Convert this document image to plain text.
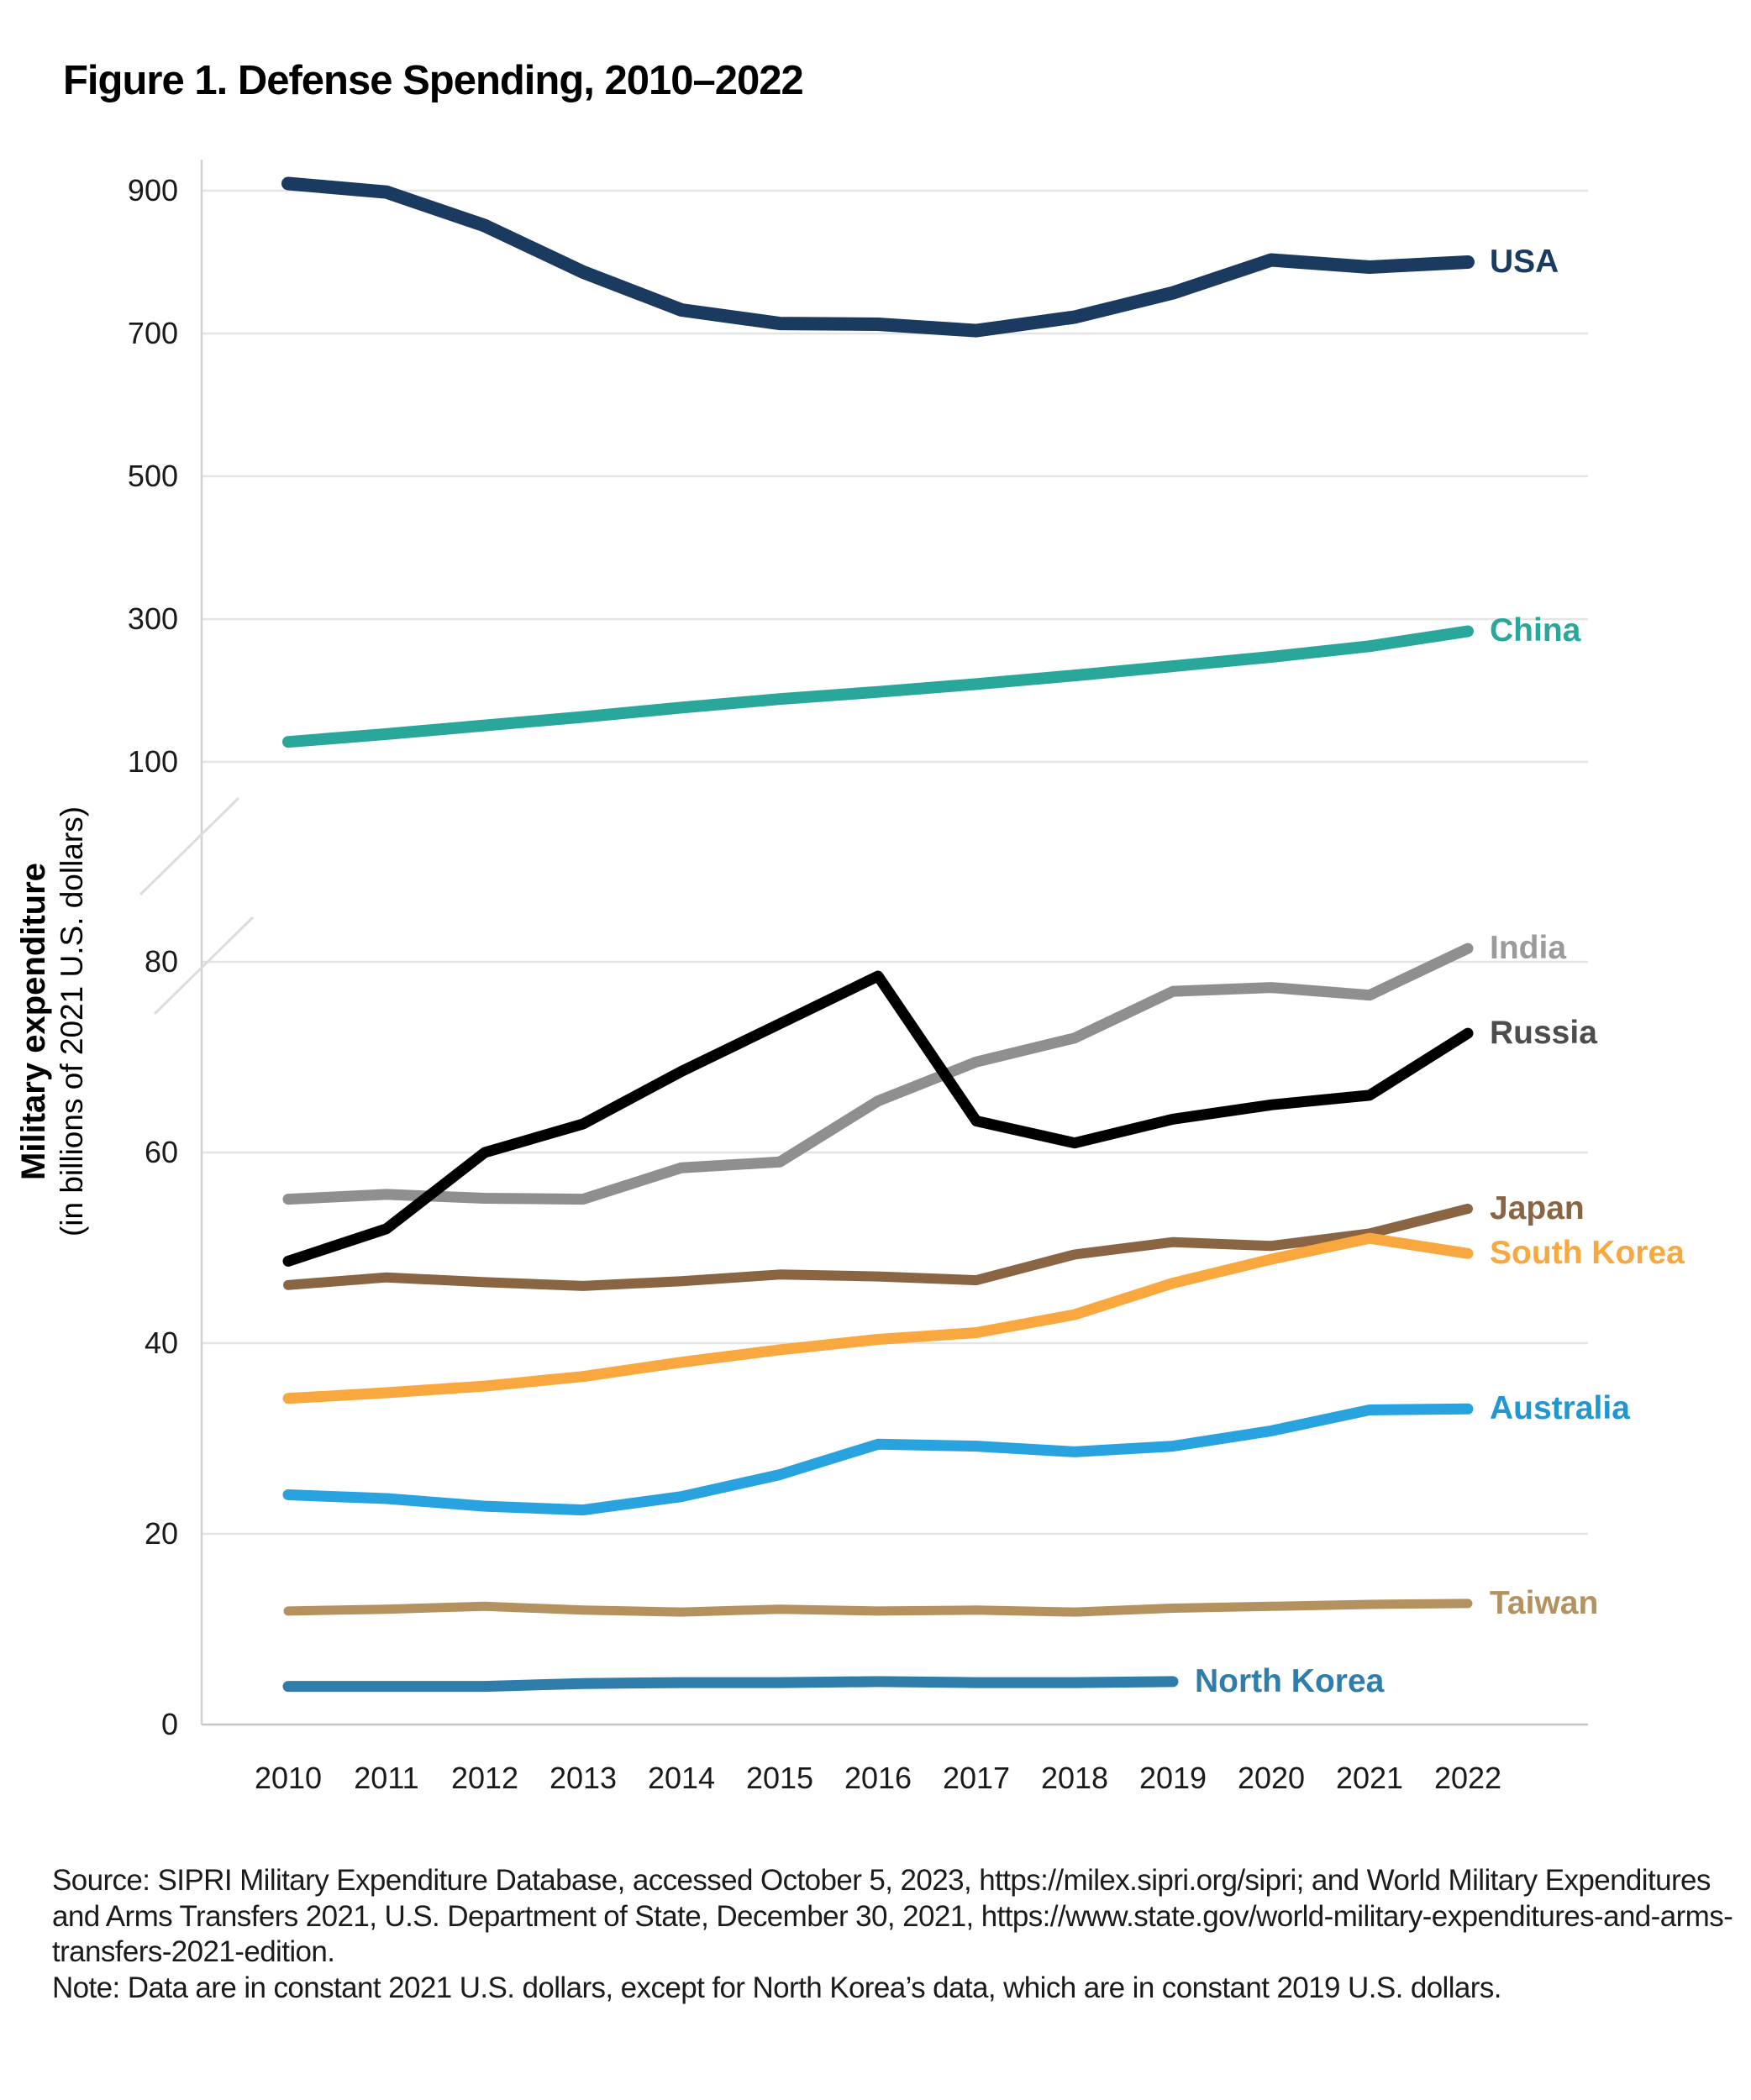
Figure 1. Defense Spending, 2010–2022
900
700
500
300
100
80
60
40
20
0
2010	2011	2012	2013	2014	2015	2016	2017	2018	2019	2020	2021	2022
USA
China
India
Russia
Japan
South Korea
Australia
Taiwan
North Korea
Military expenditure (in billions of 2021 U.S. dollars)

Source: SIPRI Military Expenditure Database, accessed October 5, 2023, https://milex.sipri.org/sipri; and World Military Expenditures and Arms Transfers 2021, U.S. Department of State, December 30, 2021, https://www.state.gov/world-military-expenditures-and-arms-transfers-2021-edition.

Note: Data are in constant 2021 U.S. dollars, except for North Korea’s data, which are in constant 2019 U.S. dollars.
